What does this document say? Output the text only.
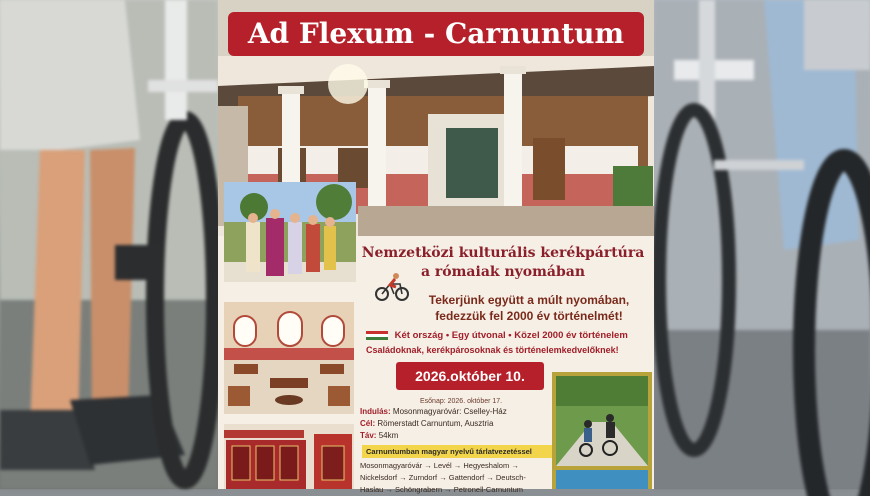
Ad Flexum - Carnuntum
Nemzetközi kulturális kerékpártúra a rómaiak nyomában
Tekerjünk együtt a múlt nyomában, fedezzük fel 2000 év történelmét!
Két ország • Egy útvonal • Közel 2000 év történelem
Családoknak, kerékpárosoknak és történelemkedvelőknek!
2026.október 10.
Esőnap: 2026. október 17.
Indulás: Mosonmagyaróvár: Cselley-Ház
Cél: Römerstadt Carnuntum, Ausztria
Táv: 54km
Carnuntumban magyar nyelvű tárlatvezetéssel
Mosonmagyaróvár → Levél → Hegyeshalom →
Nickelsdorf → Zurndorf → Gattendorf → Deutsch-
Haslau → Schöngrabern → Petronell-Carnuntum
